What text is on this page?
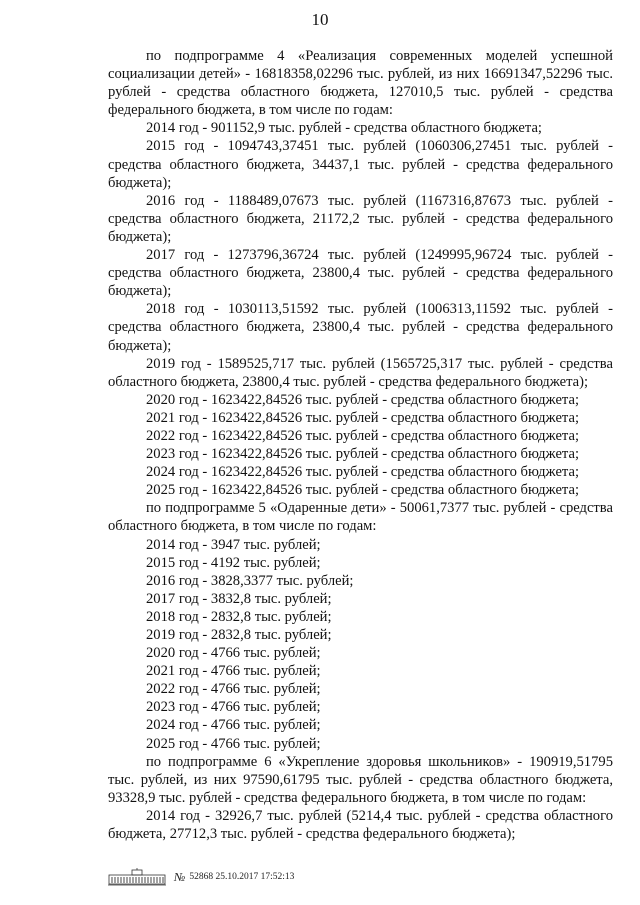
10

по подпрограмме 4 «Реализация современных моделей успешной социализации детей» - 16818358,02296 тыс. рублей, из них 16691347,52296 тыс. рублей - средства областного бюджета, 127010,5 тыс. рублей - средства федерального бюджета, в том числе по годам:

2014 год - 901152,9 тыс. рублей - средства областного бюджета;

2015 год - 1094743,37451 тыс. рублей (1060306,27451 тыс. рублей - средства областного бюджета, 34437,1 тыс. рублей - средства федерального бюджета);

2016 год - 1188489,07673 тыс. рублей (1167316,87673 тыс. рублей - средства областного бюджета, 21172,2 тыс. рублей - средства федерального бюджета);

2017 год - 1273796,36724 тыс. рублей (1249995,96724 тыс. рублей - средства областного бюджета, 23800,4 тыс. рублей - средства федерального бюджета);

2018 год - 1030113,51592 тыс. рублей (1006313,11592 тыс. рублей - средства областного бюджета, 23800,4 тыс. рублей - средства федерального бюджета);

2019 год - 1589525,717 тыс. рублей (1565725,317 тыс. рублей - средства областного бюджета, 23800,4 тыс. рублей - средства федерального бюджета);

2020 год - 1623422,84526 тыс. рублей - средства областного бюджета;

2021 год - 1623422,84526 тыс. рублей - средства областного бюджета;

2022 год - 1623422,84526 тыс. рублей - средства областного бюджета;

2023 год - 1623422,84526 тыс. рублей - средства областного бюджета;

2024 год - 1623422,84526 тыс. рублей - средства областного бюджета;

2025 год - 1623422,84526 тыс. рублей - средства областного бюджета;

по подпрограмме 5 «Одаренные дети» - 50061,7377 тыс. рублей - средства областного бюджета, в том числе по годам:

2014 год - 3947 тыс. рублей;

2015 год - 4192 тыс. рублей;

2016 год - 3828,3377 тыс. рублей;

2017 год - 3832,8 тыс. рублей;

2018 год - 2832,8 тыс. рублей;

2019 год - 2832,8 тыс. рублей;

2020 год - 4766 тыс. рублей;

2021 год - 4766 тыс. рублей;

2022 год - 4766 тыс. рублей;

2023 год - 4766 тыс. рублей;

2024 год - 4766 тыс. рублей;

2025 год - 4766 тыс. рублей;

по подпрограмме 6 «Укрепление здоровья школьников» - 190919,51795 тыс. рублей, из них 97590,61795 тыс. рублей - средства областного бюджета, 93328,9 тыс. рублей - средства федерального бюджета, в том числе по годам:

2014 год - 32926,7 тыс. рублей (5214,4 тыс. рублей - средства областного бюджета, 27712,3 тыс. рублей - средства федерального бюджета);

№ 52868 25.10.2017 17:52:13
